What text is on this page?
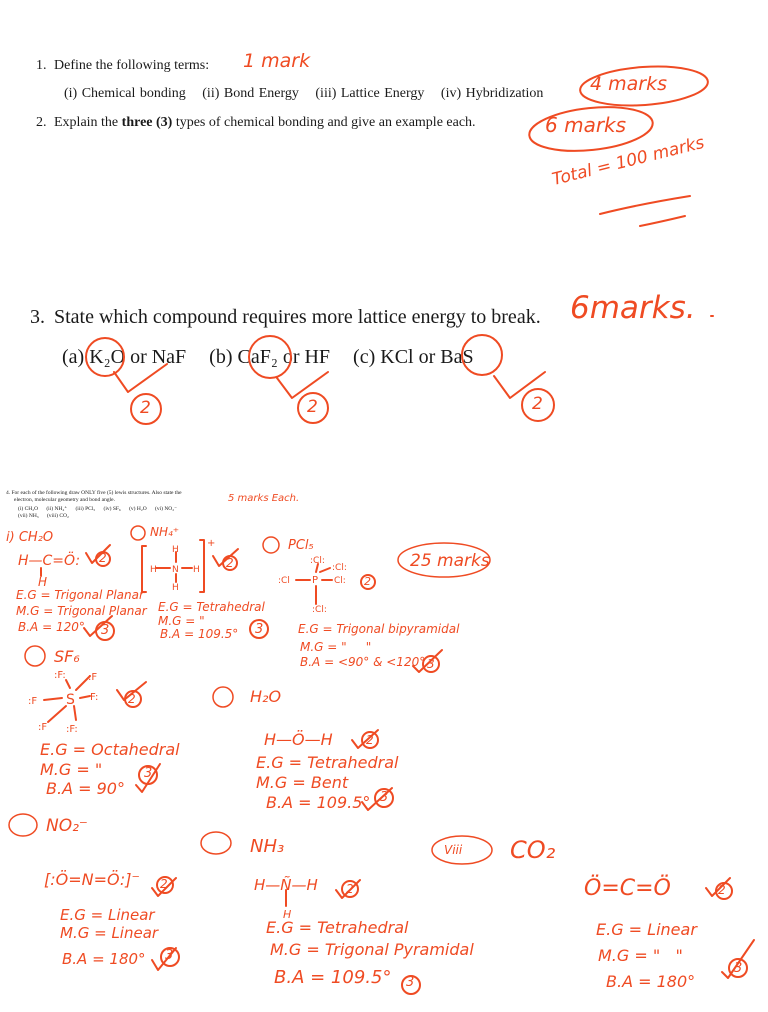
1. Define the following terms:
(i) Chemical bonding (ii) Bond Energy (iii) Lattice Energy (iv) Hybridization
2. Explain the three (3) types of chemical bonding and give an example each.
3. State which compound requires more lattice energy to break.
(a) K₂O or NaF (b) CaF₂ or HF (c) KCl or BaS
4. For each of the following draw ONLY five (5) lewis structures. Also state the
electron, molecular geometry and bond angle.
(i) CH₂O      (ii) NH₄⁺      (iii) PCl₅      (iv) SF₆      (v) H₂O      (vi) NO₂⁻
(vii) NH₃      (viii) CO₂
1 mark
4 marks
6 marks
Total = 100 marks
6marks.
2	2	2
5 marks Each.
25 marks
i) CH₂O
H—C=Ö:
H
2
E.G = Trigonal Planar
M.G = Trigonal Planar
B.A = 120° 3
NH₄⁺
2
E.G = Tetrahedral
M.G = "
B.A = 109.5° 3
PCl₅
2
E.G = Trigonal bipyramidal
M.G = "     "
B.A = <90° & <120° 3
SF₆
2
E.G = Octahedral
M.G = "
B.A = 90°
3
H₂O
H—Ö—H	2
E.G = Tetrahedral
M.G = Bent
B.A = 109.5° 3
NO₂⁻
[:Ö=N=Ö:]⁻ 2
E.G = Linear
M.G = Linear
B.A = 180° 3
NH₃
H—Ñ—H
H
2
E.G = Tetrahedral
M.G = Trigonal Pyramidal
B.A = 109.5° 3
Viii CO₂
Ö=C=Ö	2
E.G = Linear
M.G = "   "
B.A = 180°
3
H
H N H
H
+
:Cl:
:Cl:
:Cl P Cl:
:Cl:
S
:F: :F
:F	F:
:F :F:
